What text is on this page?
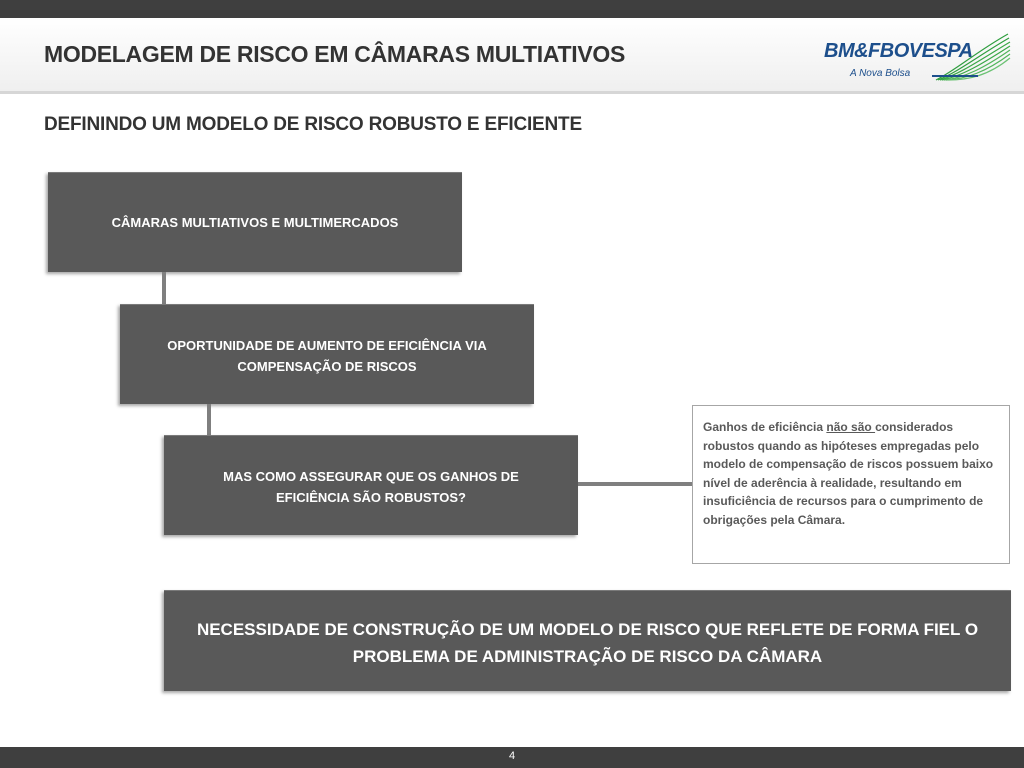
MODELAGEM DE RISCO EM CÂMARAS MULTIATIVOS	BM&FBOVESPA
A Nova Bolsa
DEFININDO UM MODELO DE RISCO ROBUSTO E EFICIENTE
CÂMARAS MULTIATIVOS E MULTIMERCADOS
OPORTUNIDADE DE AUMENTO DE EFICIÊNCIA VIA COMPENSAÇÃO DE RISCOS
MAS COMO ASSEGURAR QUE OS GANHOS DE EFICIÊNCIA SÃO ROBUSTOS?
Ganhos de eficiência não são considerados robustos quando as hipóteses empregadas pelo modelo de compensação de riscos possuem baixo nível de aderência à realidade, resultando em insuficiência de recursos para o cumprimento de obrigações pela Câmara.
NECESSIDADE DE CONSTRUÇÃO DE UM MODELO DE RISCO QUE REFLETE DE FORMA FIEL O PROBLEMA DE ADMINISTRAÇÃO DE RISCO DA CÂMARA
4
